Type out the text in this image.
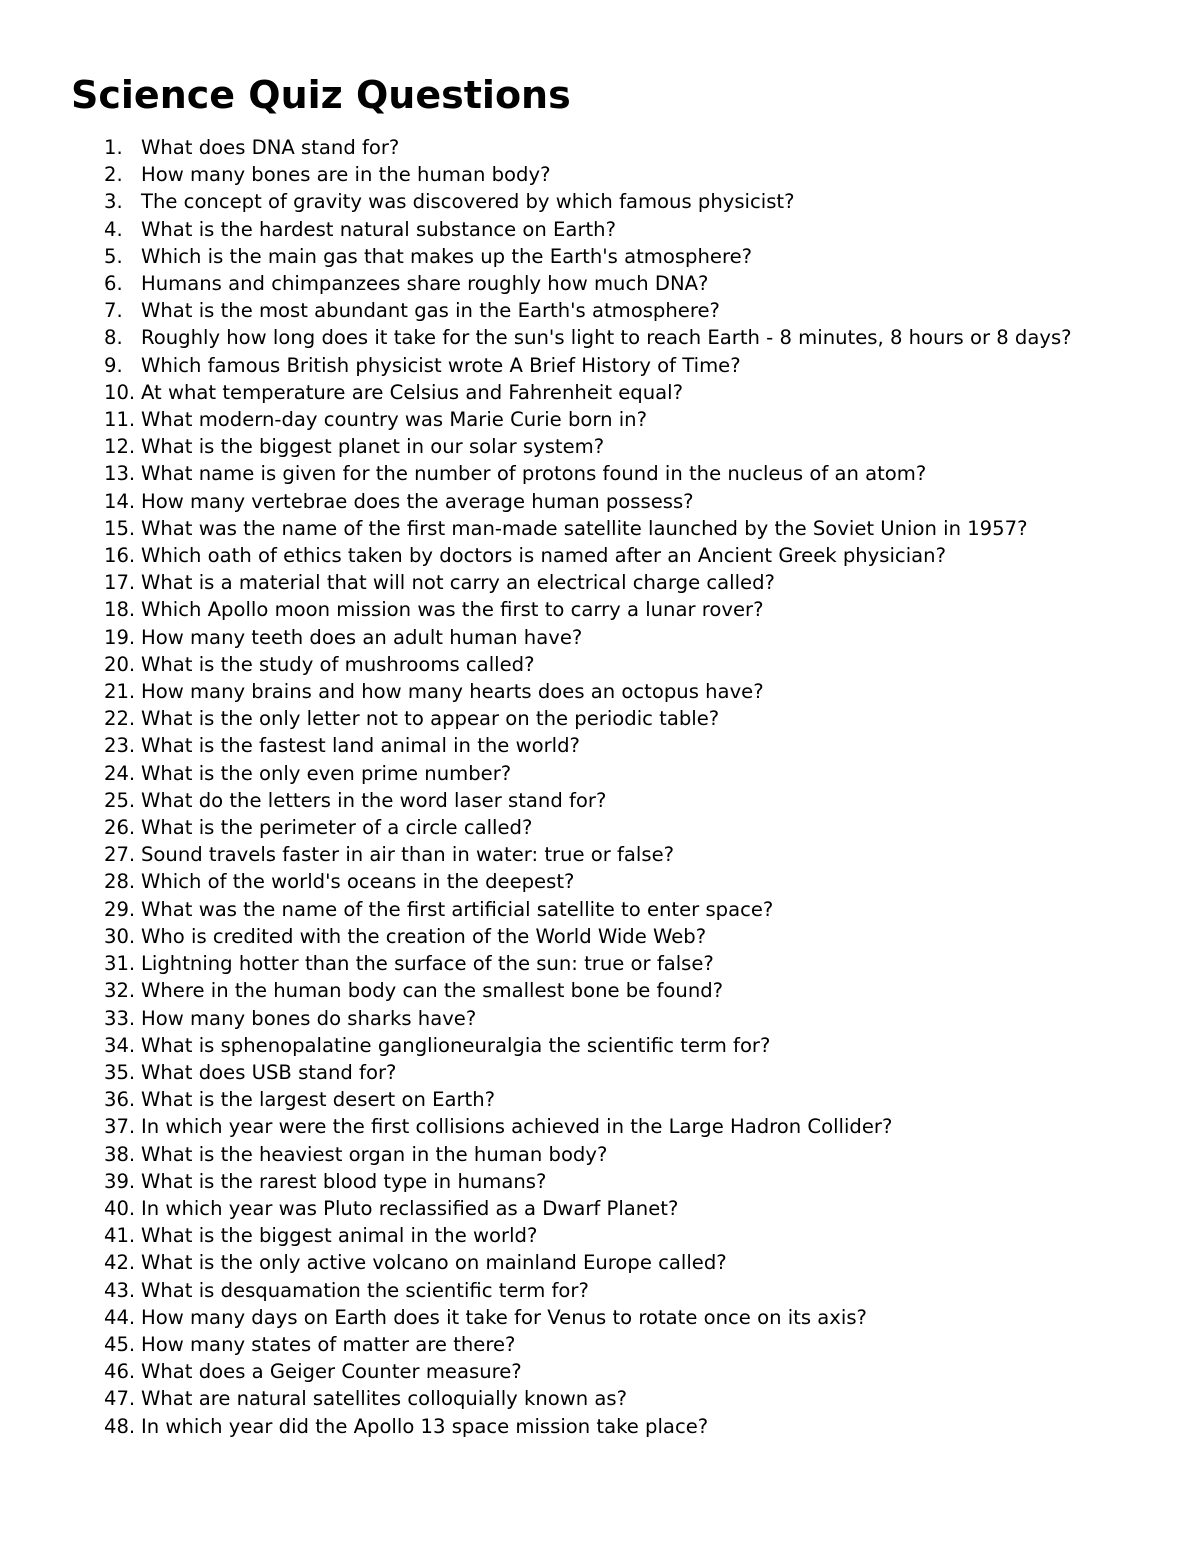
Science Quiz Questions
1. What does DNA stand for?
2. How many bones are in the human body?
3. The concept of gravity was discovered by which famous physicist?
4. What is the hardest natural substance on Earth?
5. Which is the main gas that makes up the Earth's atmosphere?
6. Humans and chimpanzees share roughly how much DNA?
7. What is the most abundant gas in the Earth's atmosphere?
8. Roughly how long does it take for the sun's light to reach Earth - 8 minutes, 8 hours or 8 days?
9. Which famous British physicist wrote A Brief History of Time?
10. At what temperature are Celsius and Fahrenheit equal?
11. What modern-day country was Marie Curie born in?
12. What is the biggest planet in our solar system?
13. What name is given for the number of protons found in the nucleus of an atom?
14. How many vertebrae does the average human possess?
15. What was the name of the first man-made satellite launched by the Soviet Union in 1957?
16. Which oath of ethics taken by doctors is named after an Ancient Greek physician?
17. What is a material that will not carry an electrical charge called?
18. Which Apollo moon mission was the first to carry a lunar rover?
19. How many teeth does an adult human have?
20. What is the study of mushrooms called?
21. How many brains and how many hearts does an octopus have?
22. What is the only letter not to appear on the periodic table?
23. What is the fastest land animal in the world?
24. What is the only even prime number?
25. What do the letters in the word laser stand for?
26. What is the perimeter of a circle called?
27. Sound travels faster in air than in water: true or false?
28. Which of the world's oceans in the deepest?
29. What was the name of the first artificial satellite to enter space?
30. Who is credited with the creation of the World Wide Web?
31. Lightning hotter than the surface of the sun: true or false?
32. Where in the human body can the smallest bone be found?
33. How many bones do sharks have?
34. What is sphenopalatine ganglioneuralgia the scientific term for?
35. What does USB stand for?
36. What is the largest desert on Earth?
37. In which year were the first collisions achieved in the Large Hadron Collider?
38. What is the heaviest organ in the human body?
39. What is the rarest blood type in humans?
40. In which year was Pluto reclassified as a Dwarf Planet?
41. What is the biggest animal in the world?
42. What is the only active volcano on mainland Europe called?
43. What is desquamation the scientific term for?
44. How many days on Earth does it take for Venus to rotate once on its axis?
45. How many states of matter are there?
46. What does a Geiger Counter measure?
47. What are natural satellites colloquially known as?
48. In which year did the Apollo 13 space mission take place?
